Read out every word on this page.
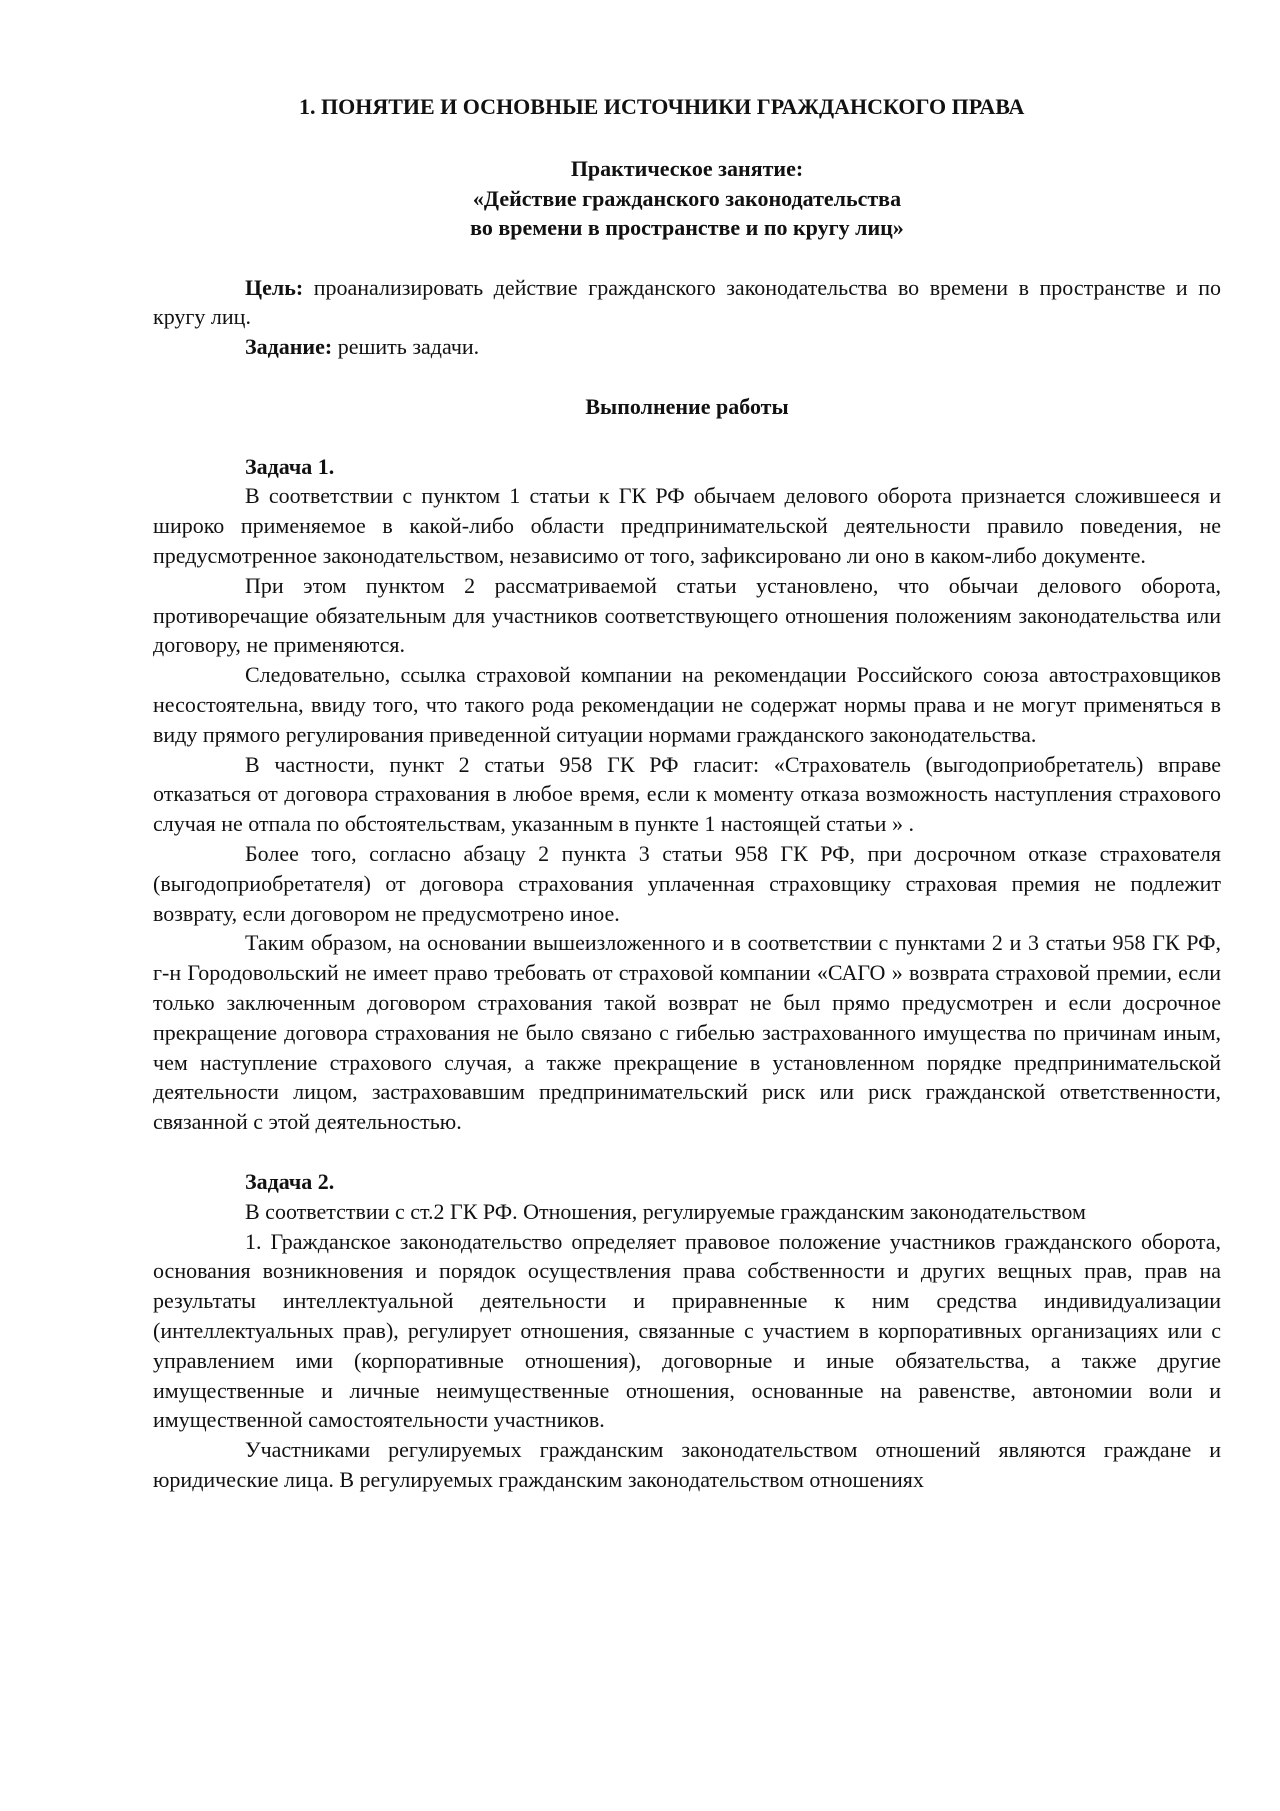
1. ПОНЯТИЕ И ОСНОВНЫЕ ИСТОЧНИКИ ГРАЖДАНСКОГО ПРАВА

Практическое занятие:

«Действие гражданского законодательства

во времени в пространстве и по кругу лиц»

Цель: проанализировать действие гражданского законодательства во времени в пространстве и по кругу лиц.

Задание: решить задачи.

Выполнение работы

Задача 1.

В соответствии с пунктом 1 статьи к ГК РФ обычаем делового оборота признается сложившееся и широко применяемое в какой-либо области предпринимательской деятельности правило поведения, не предусмотренное законодательством, независимо от того, зафиксировано ли оно в каком-либо документе.

При этом пунктом 2 рассматриваемой статьи установлено, что обычаи делового оборота, противоречащие обязательным для участников соответствующего отношения положениям законодательства или договору, не применяются.

Следовательно, ссылка страховой компании на рекомендации Российского союза автостраховщиков несостоятельна, ввиду того, что такого рода рекомендации не содержат нормы права и не могут применяться в виду прямого регулирования приведенной ситуации нормами гражданского законодательства.

В частности, пункт 2 статьи 958 ГК РФ гласит: «Страхователь (выгодоприобретатель) вправе отказаться от договора страхования в любое время, если к моменту отказа возможность наступления страхового случая не отпала по обстоятельствам, указанным в пункте 1 настоящей статьи » .

Более того, согласно абзацу 2 пункта 3 статьи 958 ГК РФ, при досрочном отказе страхователя (выгодоприобретателя) от договора страхования уплаченная страховщику страховая премия не подлежит возврату, если договором не предусмотрено иное.

Таким образом, на основании вышеизложенного и в соответствии с пунктами 2 и 3 статьи 958 ГК РФ, г-н Городовольский не имеет право требовать от страховой компании «САГО » возврата страховой премии, если только заключенным договором страхования такой возврат не был прямо предусмотрен и если досрочное прекращение договора страхования не было связано с гибелью застрахованного имущества по причинам иным, чем наступление страхового случая, а также прекращение в установленном порядке предпринимательской деятельности лицом, застраховавшим предпринимательский риск или риск гражданской ответственности, связанной с этой деятельностью.

Задача 2.

В соответствии с ст.2 ГК РФ. Отношения, регулируемые гражданским законодательством

1. Гражданское законодательство определяет правовое положение участников гражданского оборота, основания возникновения и порядок осуществления права собственности и других вещных прав, прав на результаты интеллектуальной деятельности и приравненные к ним средства индивидуализации (интеллектуальных прав), регулирует отношения, связанные с участием в корпоративных организациях или с управлением ими (корпоративные отношения), договорные и иные обязательства, а также другие имущественные и личные неимущественные отношения, основанные на равенстве, автономии воли и имущественной самостоятельности участников.

Участниками регулируемых гражданским законодательством отношений являются граждане и юридические лица. В регулируемых гражданским законодательством отношениях
